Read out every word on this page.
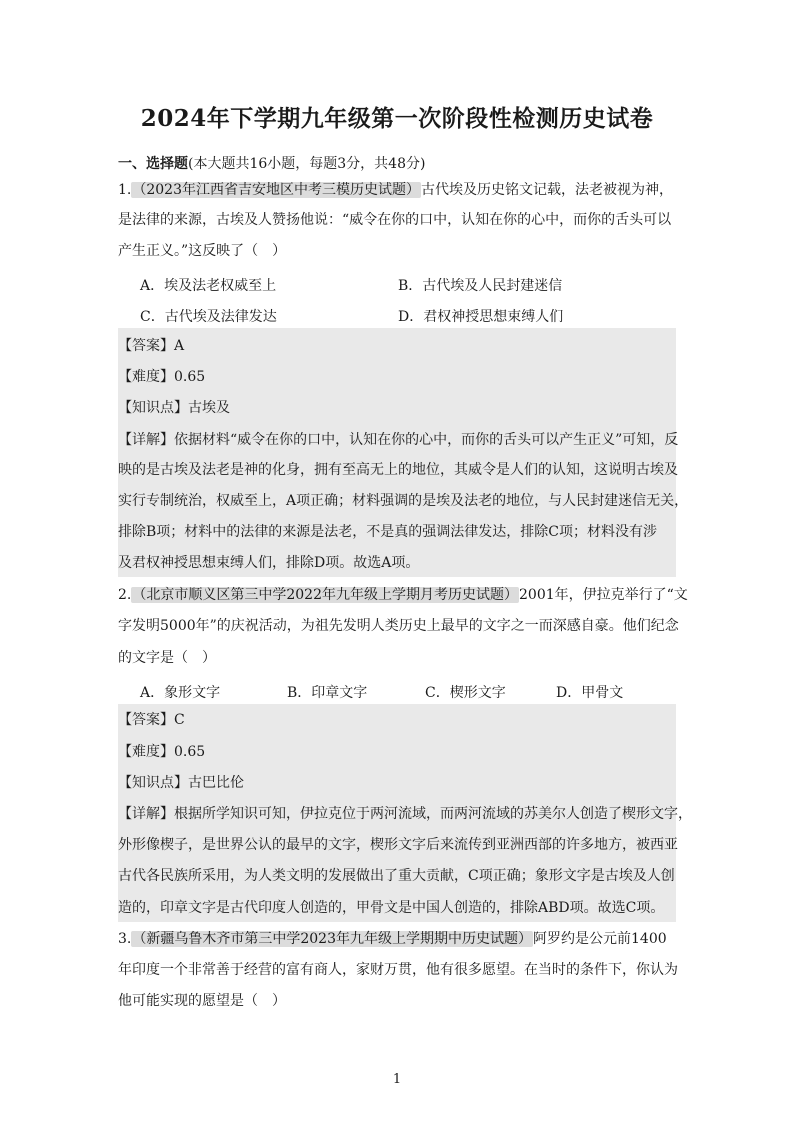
2024年下学期九年级第一次阶段性检测历史试卷
一、选择题(本大题共16小题，每题3分，共48分)
1.（2023年江西省吉安地区中考三模历史试题）古代埃及历史铭文记载，法老被视为神，
是法律的来源，古埃及人赞扬他说：“威令在你的口中，认知在你的心中，而你的舌头可以
产生正义。”这反映了（　）
A．埃及法老权威至上	B．古代埃及人民封建迷信
C．古代埃及法律发达	D．君权神授思想束缚人们
【答案】A
【难度】0.65
【知识点】古埃及
【详解】依据材料“威令在你的口中，认知在你的心中，而你的舌头可以产生正义”可知，反
映的是古埃及法老是神的化身，拥有至高无上的地位，其威令是人们的认知，这说明古埃及
实行专制统治，权威至上，A项正确；材料强调的是埃及法老的地位，与人民封建迷信无关，
排除B项；材料中的法律的来源是法老，不是真的强调法律发达，排除C项；材料没有涉
及君权神授思想束缚人们，排除D项。故选A项。
2.（北京市顺义区第三中学2022年九年级上学期月考历史试题）2001年，伊拉克举行了“文
字发明5000年”的庆祝活动，为祖先发明人类历史上最早的文字之一而深感自豪。他们纪念
的文字是（　）
A．象形文字	B．印章文字	C．楔形文字	D．甲骨文
【答案】C
【难度】0.65
【知识点】古巴比伦
【详解】根据所学知识可知，伊拉克位于两河流域，而两河流域的苏美尔人创造了楔形文字，
外形像楔子，是世界公认的最早的文字，楔形文字后来流传到亚洲西部的许多地方，被西亚
古代各民族所采用，为人类文明的发展做出了重大贡献，C项正确；象形文字是古埃及人创
造的，印章文字是古代印度人创造的，甲骨文是中国人创造的，排除ABD项。故选C项。
3.（新疆乌鲁木齐市第三中学2023年九年级上学期期中历史试题）阿罗约是公元前1400
年印度一个非常善于经营的富有商人，家财万贯，他有很多愿望。在当时的条件下，你认为
他可能实现的愿望是（　）
1
